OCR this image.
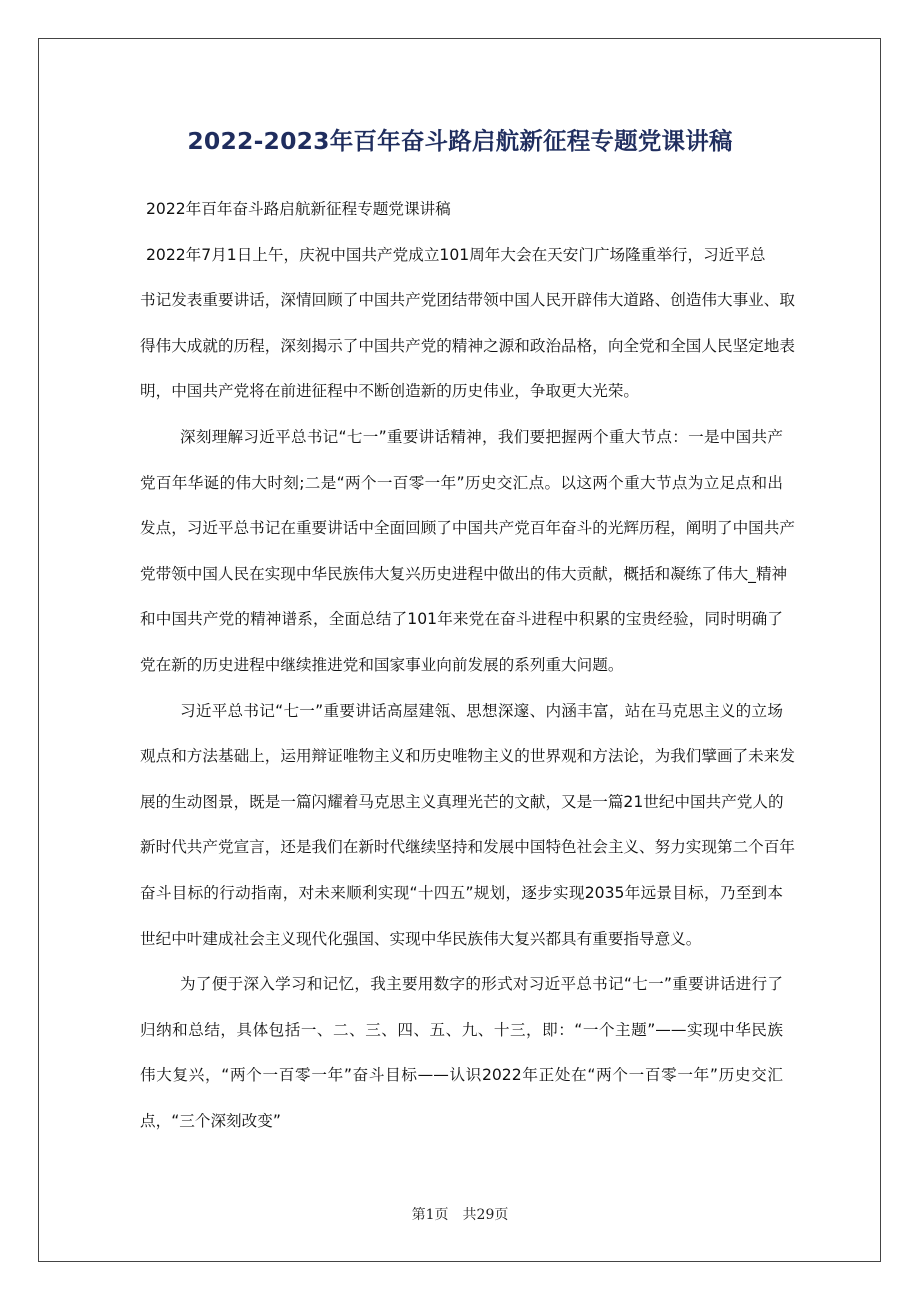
2022-2023年百年奋斗路启航新征程专题党课讲稿
2022年百年奋斗路启航新征程专题党课讲稿
2022年7月1日上午，庆祝中国共产党成立101周年大会在天安门广场隆重举行，习近平总
书记发表重要讲话，深情回顾了中国共产党团结带领中国人民开辟伟大道路、创造伟大事业、取
得伟大成就的历程，深刻揭示了中国共产党的精神之源和政治品格，向全党和全国人民坚定地表
明，中国共产党将在前进征程中不断创造新的历史伟业，争取更大光荣。
深刻理解习近平总书记“七一”重要讲话精神，我们要把握两个重大节点：一是中国共产
党百年华诞的伟大时刻;二是“两个一百零一年”历史交汇点。以这两个重大节点为立足点和出
发点，习近平总书记在重要讲话中全面回顾了中国共产党百年奋斗的光辉历程，阐明了中国共产
党带领中国人民在实现中华民族伟大复兴历史进程中做出的伟大贡献，概括和凝练了伟大_精神
和中国共产党的精神谱系，全面总结了101年来党在奋斗进程中积累的宝贵经验，同时明确了
党在新的历史进程中继续推进党和国家事业向前发展的系列重大问题。
习近平总书记“七一”重要讲话高屋建瓴、思想深邃、内涵丰富，站在马克思主义的立场
观点和方法基础上，运用辩证唯物主义和历史唯物主义的世界观和方法论，为我们擘画了未来发
展的生动图景，既是一篇闪耀着马克思主义真理光芒的文献，又是一篇21世纪中国共产党人的
新时代共产党宣言，还是我们在新时代继续坚持和发展中国特色社会主义、努力实现第二个百年
奋斗目标的行动指南，对未来顺利实现“十四五”规划，逐步实现2035年远景目标，乃至到本
世纪中叶建成社会主义现代化强国、实现中华民族伟大复兴都具有重要指导意义。
为了便于深入学习和记忆，我主要用数字的形式对习近平总书记“七一”重要讲话进行了
归纳和总结，具体包括一、二、三、四、五、九、十三，即：“一个主题”——实现中华民族
伟大复兴，“两个一百零一年”奋斗目标——认识2022年正处在“两个一百零一年”历史交汇
点，“三个深刻改变”
第1页　共29页
